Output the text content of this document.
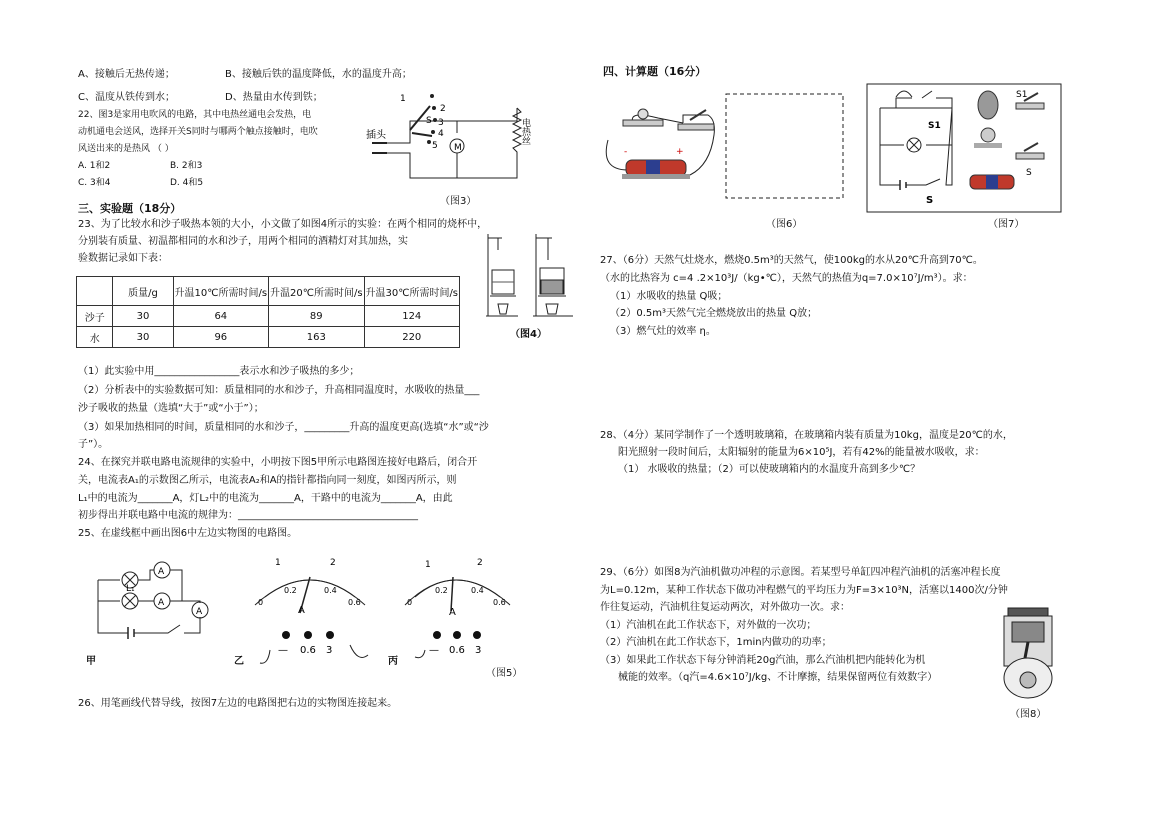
A、接触后无热传递；	B、接触后铁的温度降低，水的温度升高；
C、温度从铁传到水；	D、热量由水传到铁；
22、图3是家用电吹风的电路，其中电热丝通电会发热，电
动机通电会送风，选择开关S同时与哪两个触点接触时，电吹
风送出来的是热风 （ ）
A. 1和2	B. 2和3
C. 3和4	D. 4和5
1
2
S 3
4
5 M
插头	电热丝
（图3）
三、实验题（18分）
23、为了比较水和沙子吸热本领的大小，小文做了如图4所示的实验：在两个相同的烧杯中，
分别装有质量、初温都相同的水和沙子，用两个相同的酒精灯对其加热，实
验数据记录如下表：
	质量/g	升温10℃所需时间/s	升温20℃所需时间/s	升温30℃所需时间/s
沙子	30	64	89	124
水	30	96	163	220	（图4）
（1）此实验中用_________________表示水和沙子吸热的多少；
（2）分析表中的实验数据可知：质量相同的水和沙子，升高相同温度时，水吸收的热量___
沙子吸收的热量（选填“大于”或“小于”）；
（3）如果加热相同的时间，质量相同的水和沙子，_________升高的温度更高(选填“水”或“沙
子”）。
24、在探究并联电路电流规律的实验中，小明按下图5甲所示电路图连接好电路后，闭合开
关，电流表A₁的示数图乙所示，电流表A₂和A的指针都指向同一刻度，如图丙所示，则
L₁中的电流为_______A，灯L₂中的电流为_______A，干路中的电流为_______A，由此
初步得出并联电路中电流的规律为：____________________________________
25、在虚线框中画出图6中左边实物图的电路图。
A
A
A
L₁
甲
1	2
0
0.2	0.4
0.6
A
— 0.6 3
乙
1	2
0
0.2	0.4
0.6
A
— 0.6 3
丙
（图5）
26、用笔画线代替导线，按图7左边的电路图把右边的实物图连接起来。
四、计算题（16分）
-	+
（图6）
S1
S
S1
S
（图7）
27、（6分）天然气灶烧水，燃烧0.5m³的天然气，使100kg的水从20℃升高到70℃。
（水的比热容为 c=4 .2×10³J/（kg•℃），天然气的热值为q=7.0×10⁷J/m³）。求：
（1）水吸收的热量 Q吸；
（2）0.5m³天然气完全燃烧放出的热量 Q放；
（3）燃气灶的效率 η。
28、（4分）某同学制作了一个透明玻璃箱，在玻璃箱内装有质量为10kg，温度是20℃的水，
阳光照射一段时间后，太阳辐射的能量为6×10⁵J，若有42%的能量被水吸收，求：
（1） 水吸收的热量；（2）可以使玻璃箱内的水温度升高到多少℃？
29、（6分）如图8为汽油机做功冲程的示意图。若某型号单缸四冲程汽油机的活塞冲程长度
为L=0.12m，某种工作状态下做功冲程燃气的平均压力为F=3×10³N，活塞以1400次/分钟
作往复运动，汽油机往复运动两次，对外做功一次。求：
（1）汽油机在此工作状态下，对外做的一次功；
（2）汽油机在此工作状态下，1min内做功的功率；
（3）如果此工作状态下每分钟消耗20g汽油，那么汽油机把内能转化为机
械能的效率。（q汽=4.6×10⁷J/kg、不计摩擦，结果保留两位有效数字）
（图8）
